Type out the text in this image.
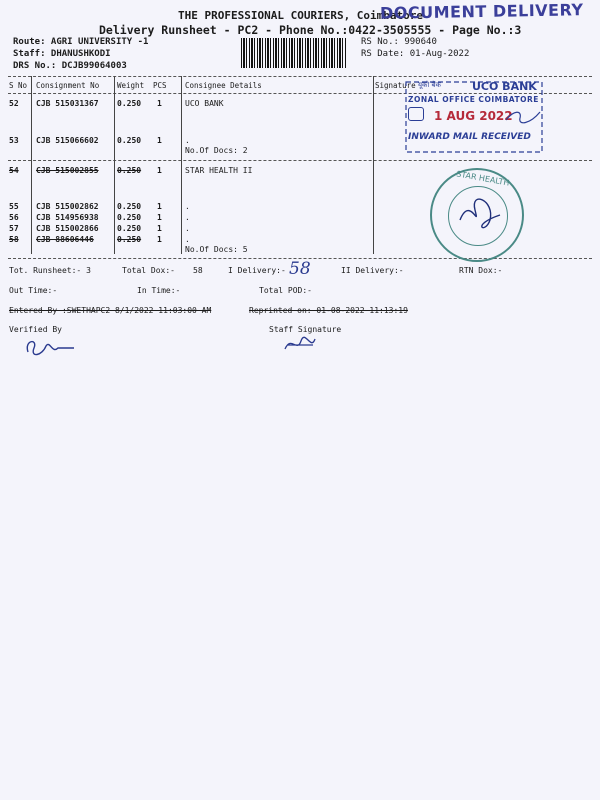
THE PROFESSIONAL COURIERS, Coimbatore
DOCUMENT DELIVERY
Delivery Runsheet - PC2 - Phone No.:0422-3505555 - Page No.:3
Route: AGRI UNIVERSITY -1
Staff: DHANUSHKODI
DRS No.: DCJB99064003
RS No.: 990640
RS Date: 01-Aug-2022
S No Consignment No Weight PCS Consignee Details	Signature
52 CJB 515031367 0.250 1	UCO BANK
53 CJB 515066602 0.250 1	.
No.Of Docs: 2
54 CJB 515002855 0.250 1	STAR HEALTH II
55 CJB 515002862 0.250 1	.
56 CJB 514956938 0.250 1	.
57 CJB 515002866 0.250 1	.
58 CJB 88606446	0.250 1	.
No.Of Docs: 5
यूको बैंक	UCO BANK
ZONAL OFFICE COIMBATORE
1 AUG 2022
INWARD MAIL RECEIVED
STAR HEALTH
Tot. Runsheet:- 3	Total Dox:- 58	I Delivery:- 58	II Delivery:-	RTN Dox:-
Out Time:-	In Time:-	Total POD:-
Entered By :SWETHAPC2 8/1/2022 11:03:00 AM	Reprinted on: 01-08-2022 11:13:19
Verified By	Staff Signature
